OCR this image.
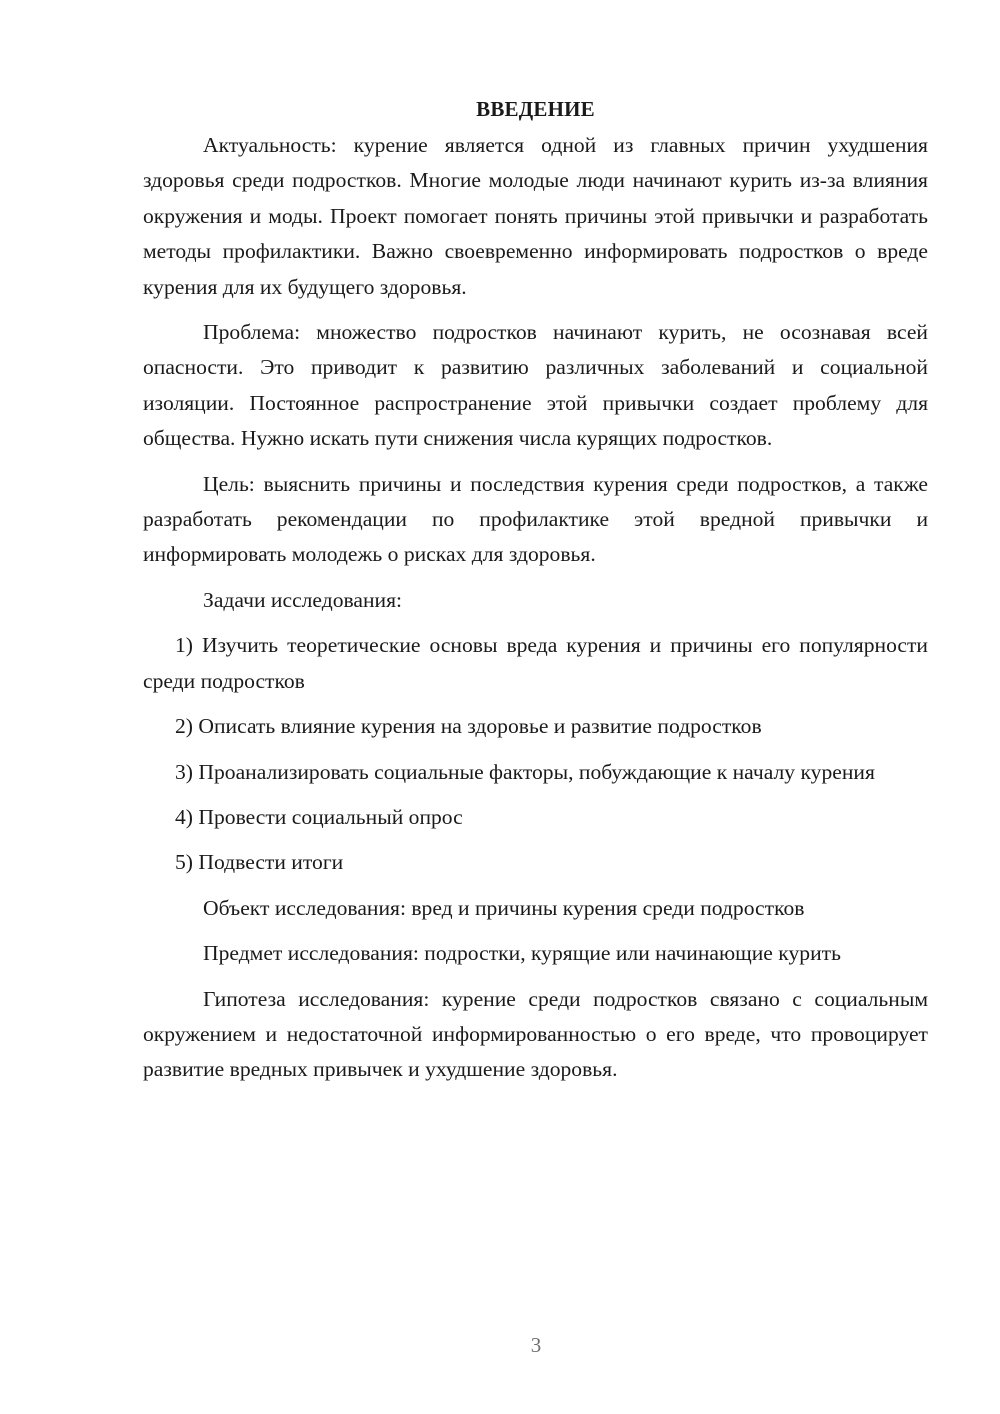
ВВЕДЕНИЕ

Актуальность: курение является одной из главных причин ухудшения здоровья среди подростков. Многие молодые люди начинают курить из-за влияния окружения и моды. Проект помогает понять причины этой привычки и разработать методы профилактики. Важно своевременно информировать подростков о вреде курения для их будущего здоровья.

Проблема: множество подростков начинают курить, не осознавая всей опасности. Это приводит к развитию различных заболеваний и социальной изоляции. Постоянное распространение этой привычки создает проблему для общества. Нужно искать пути снижения числа курящих подростков.

Цель: выяснить причины и последствия курения среди подростков, а также разработать рекомендации по профилактике этой вредной привычки и информировать молодежь о рисках для здоровья.

Задачи исследования:

1) Изучить теоретические основы вреда курения и причины его популярности среди подростков

2) Описать влияние курения на здоровье и развитие подростков

3) Проанализировать социальные факторы, побуждающие к началу курения

4) Провести социальный опрос

5) Подвести итоги

Объект исследования: вред и причины курения среди подростков

Предмет исследования: подростки, курящие или начинающие курить

Гипотеза исследования: курение среди подростков связано с социальным окружением и недостаточной информированностью о его вреде, что провоцирует развитие вредных привычек и ухудшение здоровья.

3
